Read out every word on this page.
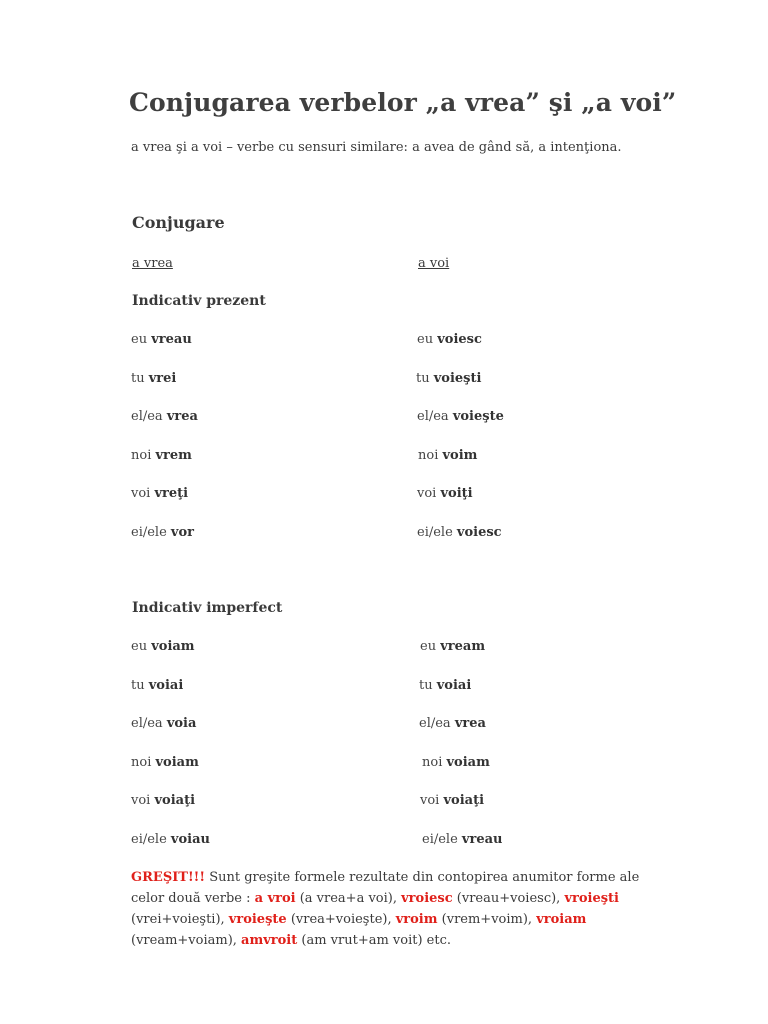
Conjugarea verbelor „a vrea” şi „a voi”
a vrea şi a voi – verbe cu sensuri similare: a avea de gând să, a intenţiona.
Conjugare
a vrea	a voi
Indicativ prezent
eu vreau	eu voiesc
tu vrei	tu voieşti
el/ea vrea	el/ea voieşte
noi vrem	noi voim
voi vreţi	voi voiţi
ei/ele vor	ei/ele voiesc
Indicativ imperfect
eu voiam	eu vream
tu voiai	tu voiai
el/ea voia	el/ea vrea
noi voiam	noi voiam
voi voiaţi	voi voiaţi
ei/ele voiau	ei/ele vreau
GREŞIT!!! Sunt greşite formele rezultate din contopirea anumitor forme ale celor două verbe : a vroi (a vrea+a voi), vroiesc (vreau+voiesc), vroieşti (vrei+voieşti), vroieşte (vrea+voieşte), vroim (vrem+voim), vroiam (vream+voiam), amvroit (am vrut+am voit) etc.
